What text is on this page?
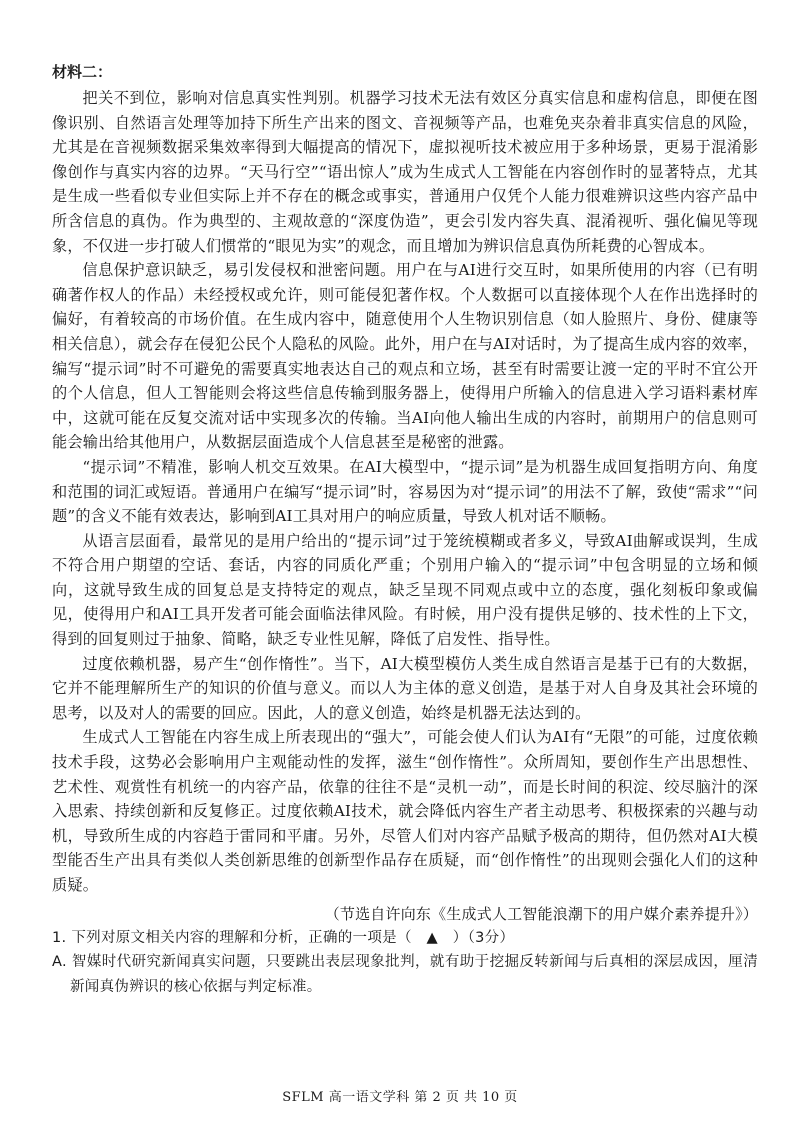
材料二：

把关不到位，影响对信息真实性判别。机器学习技术无法有效区分真实信息和虚构信息，即便在图像识别、自然语言处理等加持下所生产出来的图文、音视频等产品，也难免夹杂着非真实信息的风险，尤其是在音视频数据采集效率得到大幅提高的情况下，虚拟视听技术被应用于多种场景，更易于混淆影像创作与真实内容的边界。“天马行空”“语出惊人”成为生成式人工智能在内容创作时的显著特点，尤其是生成一些看似专业但实际上并不存在的概念或事实，普通用户仅凭个人能力很难辨识这些内容产品中所含信息的真伪。作为典型的、主观故意的“深度伪造”，更会引发内容失真、混淆视听、强化偏见等现象，不仅进一步打破人们惯常的“眼见为实”的观念，而且增加为辨识信息真伪所耗费的心智成本。

信息保护意识缺乏，易引发侵权和泄密问题。用户在与AI进行交互时，如果所使用的内容（已有明确著作权人的作品）未经授权或允许，则可能侵犯著作权。个人数据可以直接体现个人在作出选择时的偏好，有着较高的市场价值。在生成内容中，随意使用个人生物识别信息（如人脸照片、身份、健康等相关信息），就会存在侵犯公民个人隐私的风险。此外，用户在与AI对话时，为了提高生成内容的效率，编写“提示词”时不可避免的需要真实地表达自己的观点和立场，甚至有时需要让渡一定的平时不宜公开的个人信息，但人工智能则会将这些信息传输到服务器上，使得用户所输入的信息进入学习语料素材库中，这就可能在反复交流对话中实现多次的传输。当AI向他人输出生成的内容时，前期用户的信息则可能会输出给其他用户，从数据层面造成个人信息甚至是秘密的泄露。

“提示词”不精准，影响人机交互效果。在AI大模型中，“提示词”是为机器生成回复指明方向、角度和范围的词汇或短语。普通用户在编写“提示词”时，容易因为对“提示词”的用法不了解，致使“需求”“问题”的含义不能有效表达，影响到AI工具对用户的响应质量，导致人机对话不顺畅。

从语言层面看，最常见的是用户给出的“提示词”过于笼统模糊或者多义，导致AI曲解或误判，生成不符合用户期望的空话、套话，内容的同质化严重；个别用户输入的“提示词”中包含明显的立场和倾向，这就导致生成的回复总是支持特定的观点，缺乏呈现不同观点或中立的态度，强化刻板印象或偏见，使得用户和AI工具开发者可能会面临法律风险。有时候，用户没有提供足够的、技术性的上下文，得到的回复则过于抽象、简略，缺乏专业性见解，降低了启发性、指导性。

过度依赖机器，易产生“创作惰性”。当下，AI大模型模仿人类生成自然语言是基于已有的大数据，它并不能理解所生产的知识的价值与意义。而以人为主体的意义创造，是基于对人自身及其社会环境的思考，以及对人的需要的回应。因此，人的意义创造，始终是机器无法达到的。

生成式人工智能在内容生成上所表现出的“强大”，可能会使人们认为AI有“无限”的可能，过度依赖技术手段，这势必会影响用户主观能动性的发挥，滋生“创作惰性”。众所周知，要创作生产出思想性、艺术性、观赏性有机统一的内容产品，依靠的往往不是“灵机一动”，而是长时间的积淀、绞尽脑汁的深入思索、持续创新和反复修正。过度依赖AI技术，就会降低内容生产者主动思考、积极探索的兴趣与动机，导致所生成的内容趋于雷同和平庸。另外，尽管人们对内容产品赋予极高的期待，但仍然对AI大模型能否生产出具有类似人类创新思维的创新型作品存在质疑，而“创作惰性”的出现则会强化人们的这种质疑。

（节选自许向东《生成式人工智能浪潮下的用户媒介素养提升》）

1. 下列对原文相关内容的理解和分析，正确的一项是（　▲　）（3分）

A. 智媒时代研究新闻真实问题，只要跳出表层现象批判，就有助于挖掘反转新闻与后真相的深层成因，厘清新闻真伪辨识的核心依据与判定标准。

SFLM 高一语文学科 第 2 页 共 10 页
